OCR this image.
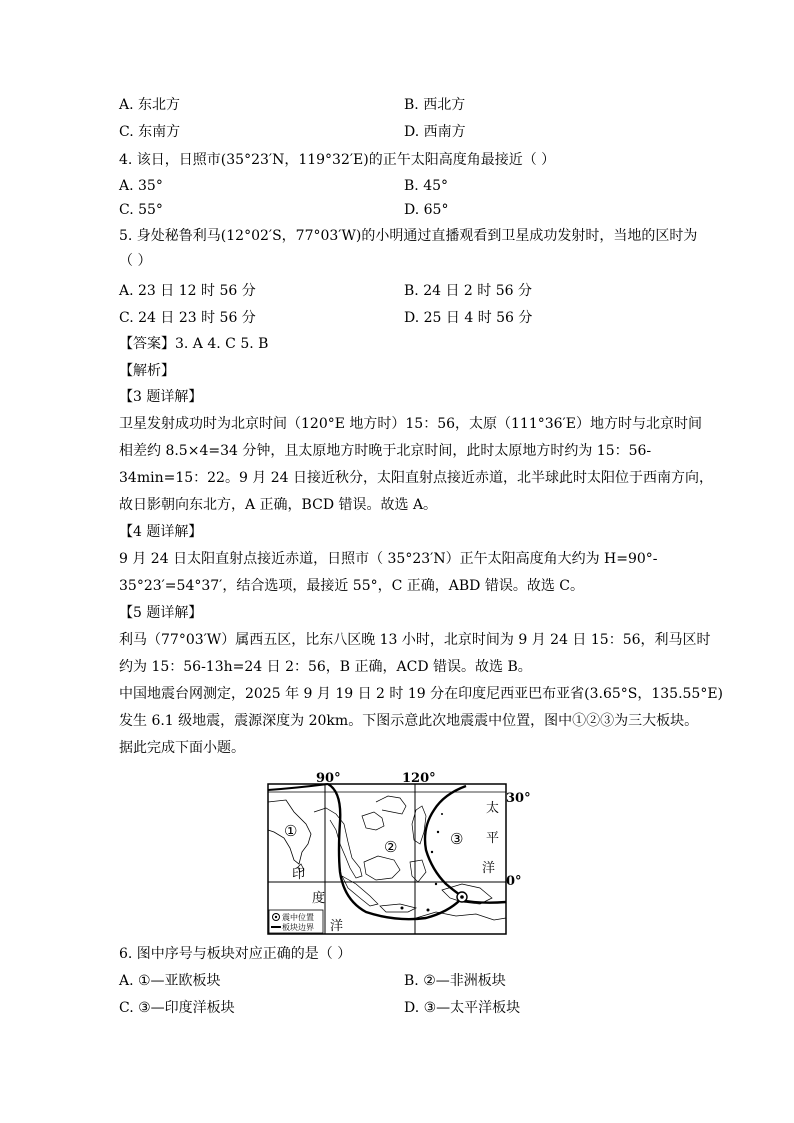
A. 东北方	B. 西北方
C. 东南方	D. 西南方
4. 该日，日照市(35°23′N，119°32′E)的正午太阳高度角最接近（ ）
A. 35°	B. 45°
C. 55°	D. 65°
5. 身处秘鲁利马(12°02′S，77°03′W)的小明通过直播观看到卫星成功发射时，当地的区时为
（ ）
A. 23 日 12 时 56 分	B. 24 日 2 时 56 分
C. 24 日 23 时 56 分	D. 25 日 4 时 56 分
【答案】3. A 4. C 5. B
【解析】
【3 题详解】
卫星发射成功时为北京时间（120°E 地方时）15：56，太原（111°36′E）地方时与北京时间
相差约 8.5×4=34 分钟，且太原地方时晚于北京时间，此时太原地方时约为 15：56-
34min=15：22。9 月 24 日接近秋分，太阳直射点接近赤道，北半球此时太阳位于西南方向，
故日影朝向东北方，A 正确，BCD 错误。故选 A。
【4 题详解】
9 月 24 日太阳直射点接近赤道，日照市（ 35°23′N）正午太阳高度角大约为 H=90°-
35°23′=54°37′，结合选项，最接近 55°，C 正确，ABD 错误。故选 C。
【5 题详解】
利马（77°03′W）属西五区，比东八区晚 13 小时，北京时间为 9 月 24 日 15：56，利马区时
约为 15：56-13h=24 日 2：56，B 正确，ACD 错误。故选 B。
中国地震台网测定，2025 年 9 月 19 日 2 时 19 分在印度尼西亚巴布亚省(3.65°S，135.55°E)
发生 6.1 级地震，震源深度为 20km。下图示意此次地震震中位置，图中①②③为三大板块。
据此完成下面小题。
90°	120°
30°
0°
①
②	③
太
平
洋
印
度
洋
震中位置
板块边界
6. 图中序号与板块对应正确的是（ ）
A. ①—亚欧板块	B. ②—非洲板块
C. ③—印度洋板块	D. ③—太平洋板块
